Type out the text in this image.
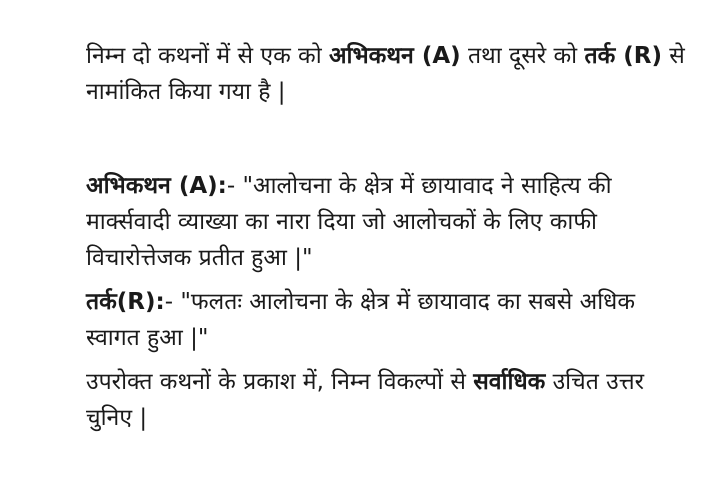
निम्न दो कथनों में से एक को अभिकथन (A) तथा दूसरे को तर्क (R) से नामांकित किया गया है |

अभिकथन (A):- "आलोचना के क्षेत्र में छायावाद ने साहित्य की मार्क्सवादी व्याख्या का नारा दिया जो आलोचकों के लिए काफी विचारोत्तेजक प्रतीत हुआ |"

तर्क(R):- "फलतः आलोचना के क्षेत्र में छायावाद का सबसे अधिक स्वागत हुआ |"

उपरोक्त कथनों के प्रकाश में, निम्न विकल्पों से सर्वाधिक उचित उत्तर चुनिए |
